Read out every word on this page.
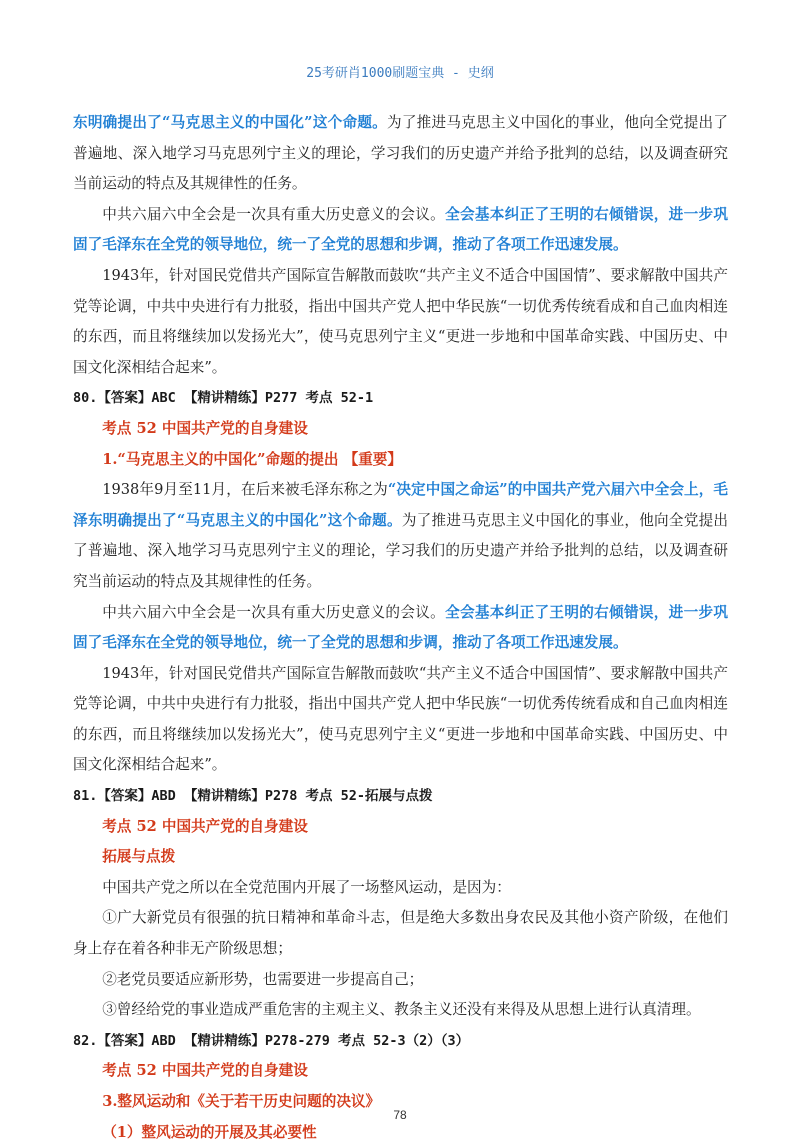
25考研肖1000刷题宝典 - 史纲

东明确提出了“马克思主义的中国化”这个命题。为了推进马克思主义中国化的事业，他向全党提出了普遍地、深入地学习马克思列宁主义的理论，学习我们的历史遗产并给予批判的总结，以及调查研究当前运动的特点及其规律性的任务。

中共六届六中全会是一次具有重大历史意义的会议。全会基本纠正了王明的右倾错误，进一步巩固了毛泽东在全党的领导地位，统一了全党的思想和步调，推动了各项工作迅速发展。

1943年，针对国民党借共产国际宣告解散而鼓吹“共产主义不适合中国国情”、要求解散中国共产党等论调，中共中央进行有力批驳，指出中国共产党人把中华民族“一切优秀传统看成和自己血肉相连的东西，而且将继续加以发扬光大”，使马克思列宁主义“更进一步地和中国革命实践、中国历史、中国文化深相结合起来”。

80.【答案】ABC 【精讲精练】P277 考点 52-1

考点 52 中国共产党的自身建设

1.“马克思主义的中国化”命题的提出 【重要】

1938年9月至11月，在后来被毛泽东称之为“决定中国之命运”的中国共产党六届六中全会上，毛泽东明确提出了“马克思主义的中国化”这个命题。为了推进马克思主义中国化的事业，他向全党提出了普遍地、深入地学习马克思列宁主义的理论，学习我们的历史遗产并给予批判的总结，以及调查研究当前运动的特点及其规律性的任务。

中共六届六中全会是一次具有重大历史意义的会议。全会基本纠正了王明的右倾错误，进一步巩固了毛泽东在全党的领导地位，统一了全党的思想和步调，推动了各项工作迅速发展。

1943年，针对国民党借共产国际宣告解散而鼓吹“共产主义不适合中国国情”、要求解散中国共产党等论调，中共中央进行有力批驳，指出中国共产党人把中华民族“一切优秀传统看成和自己血肉相连的东西，而且将继续加以发扬光大”，使马克思列宁主义“更进一步地和中国革命实践、中国历史、中国文化深相结合起来”。

81.【答案】ABD 【精讲精练】P278 考点 52-拓展与点拨

考点 52 中国共产党的自身建设

拓展与点拨

中国共产党之所以在全党范围内开展了一场整风运动，是因为：

①广大新党员有很强的抗日精神和革命斗志，但是绝大多数出身农民及其他小资产阶级，在他们身上存在着各种非无产阶级思想；

②老党员要适应新形势，也需要进一步提高自己；

③曾经给党的事业造成严重危害的主观主义、教条主义还没有来得及从思想上进行认真清理。

82.【答案】ABD 【精讲精练】P278-279 考点 52-3（2）（3）

考点 52 中国共产党的自身建设

3.整风运动和《关于若干历史问题的决议》

（1）整风运动的开展及其必要性

78
